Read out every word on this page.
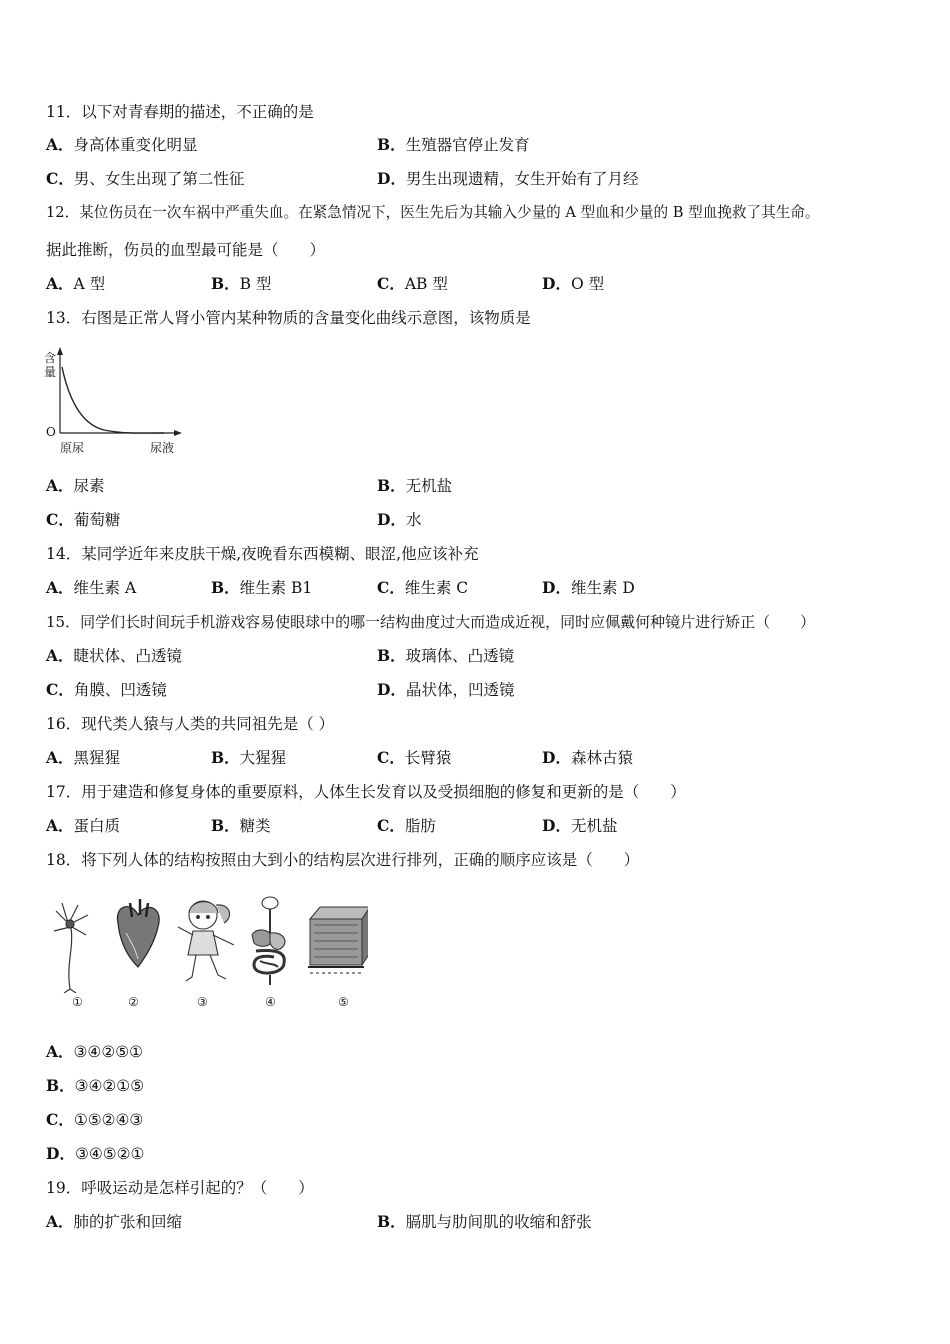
11．以下对青春期的描述，不正确的是
A．身高体重变化明显	B．生殖器官停止发育
C．男、女生出现了第二性征	D．男生出现遗精，女生开始有了月经
12．某位伤员在一次车祸中严重失血。在紧急情况下，医生先后为其输入少量的 A 型血和少量的 B 型血挽救了其生命。
据此推断，伤员的血型最可能是（　　）
A．A 型	B．B 型	C．AB 型	D．O 型
13．右图是正常人肾小管内某种物质的含量变化曲线示意图，该物质是
含
量
O
原尿	尿液
A．尿素	B．无机盐
C．葡萄糖	D．水
14．某同学近年来皮肤干燥,夜晚看东西模糊、眼涩,他应该补充
A．维生素 A	B．维生素 B1	C．维生素 C	D．维生素 D
15．同学们长时间玩手机游戏容易使眼球中的哪一结构曲度过大而造成近视，同时应佩戴何种镜片进行矫正（　　）
A．睫状体、凸透镜	B．玻璃体、凸透镜
C．角膜、凹透镜	D．晶状体，凹透镜
16．现代类人猿与人类的共同祖先是（ ）
A．黑猩猩	B．大猩猩	C．长臂猿	D．森林古猿
17．用于建造和修复身体的重要原料，人体生长发育以及受损细胞的修复和更新的是（　　）
A．蛋白质	B．糖类	C．脂肪	D．无机盐
18．将下列人体的结构按照由大到小的结构层次进行排列，正确的顺序应该是（　　）
①	②	③	④	⑤
A．③④②⑤①
B．③④②①⑤
C．①⑤②④③
D．③④⑤②①
19．呼吸运动是怎样引起的？（　　）
A．肺的扩张和回缩	B．膈肌与肋间肌的收缩和舒张
